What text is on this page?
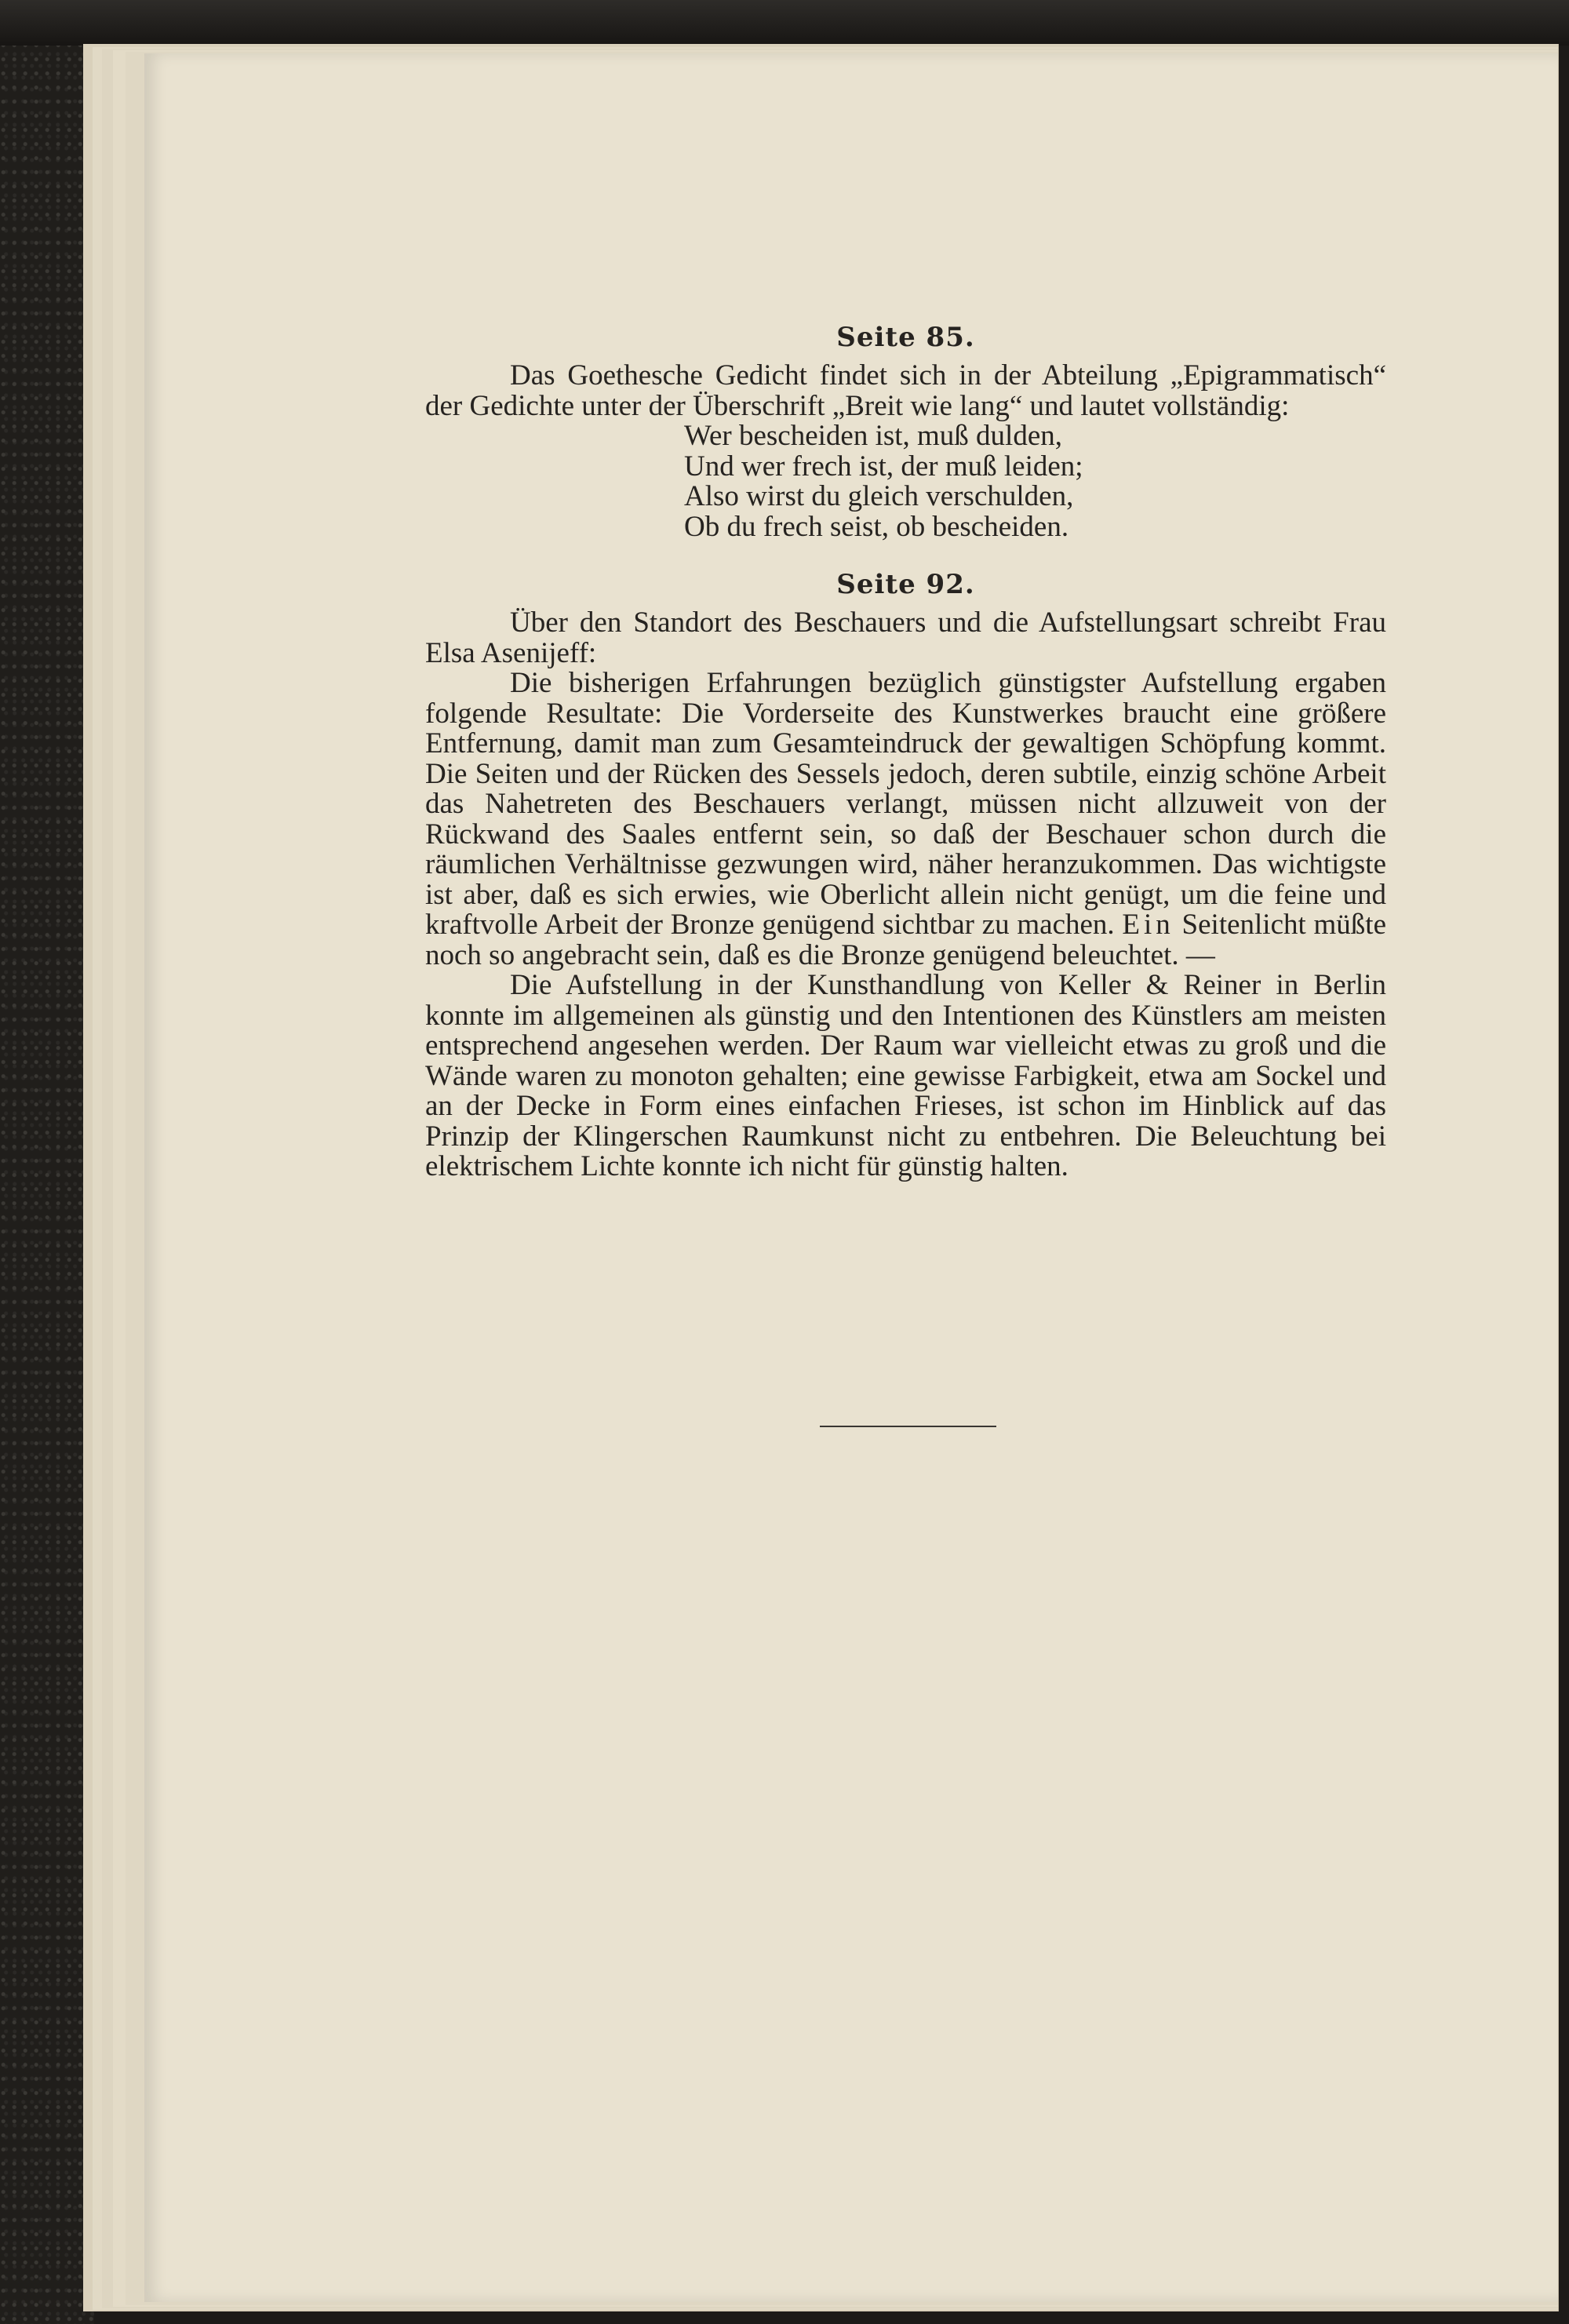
Seite 85.

Das Goethesche Gedicht findet sich in der Abteilung „Epigrammatisch“ der Gedichte unter der Überschrift „Breit wie lang“ und lautet vollständig:

Wer bescheiden ist, muß dulden,
Und wer frech ist, der muß leiden;
Also wirst du gleich verschulden,
Ob du frech seist, ob bescheiden.
Seite 92.

Über den Standort des Beschauers und die Aufstellungsart schreibt Frau Elsa Asenijeff:

Die bisherigen Erfahrungen bezüglich günstigster Aufstellung ergaben folgende Resultate: Die Vorderseite des Kunstwerkes braucht eine größere Entfernung, damit man zum Gesamteindruck der gewaltigen Schöpfung kommt. Die Seiten und der Rücken des Sessels jedoch, deren subtile, einzig schöne Arbeit das Nahetreten des Beschauers verlangt, müssen nicht allzuweit von der Rückwand des Saales entfernt sein, so daß der Beschauer schon durch die räumlichen Verhältnisse gezwungen wird, näher heranzukommen. Das wichtigste ist aber, daß es sich erwies, wie Oberlicht allein nicht genügt, um die feine und kraftvolle Arbeit der Bronze genügend sichtbar zu machen. Ein Seitenlicht müßte noch so angebracht sein, daß es die Bronze genügend beleuchtet. —

Die Aufstellung in der Kunsthandlung von Keller & Reiner in Berlin konnte im allgemeinen als günstig und den Intentionen des Künstlers am meisten entsprechend angesehen werden. Der Raum war vielleicht etwas zu groß und die Wände waren zu monoton gehalten; eine gewisse Farbigkeit, etwa am Sockel und an der Decke in Form eines einfachen Frieses, ist schon im Hinblick auf das Prinzip der Klingerschen Raumkunst nicht zu entbehren. Die Beleuchtung bei elektrischem Lichte konnte ich nicht für günstig halten.
